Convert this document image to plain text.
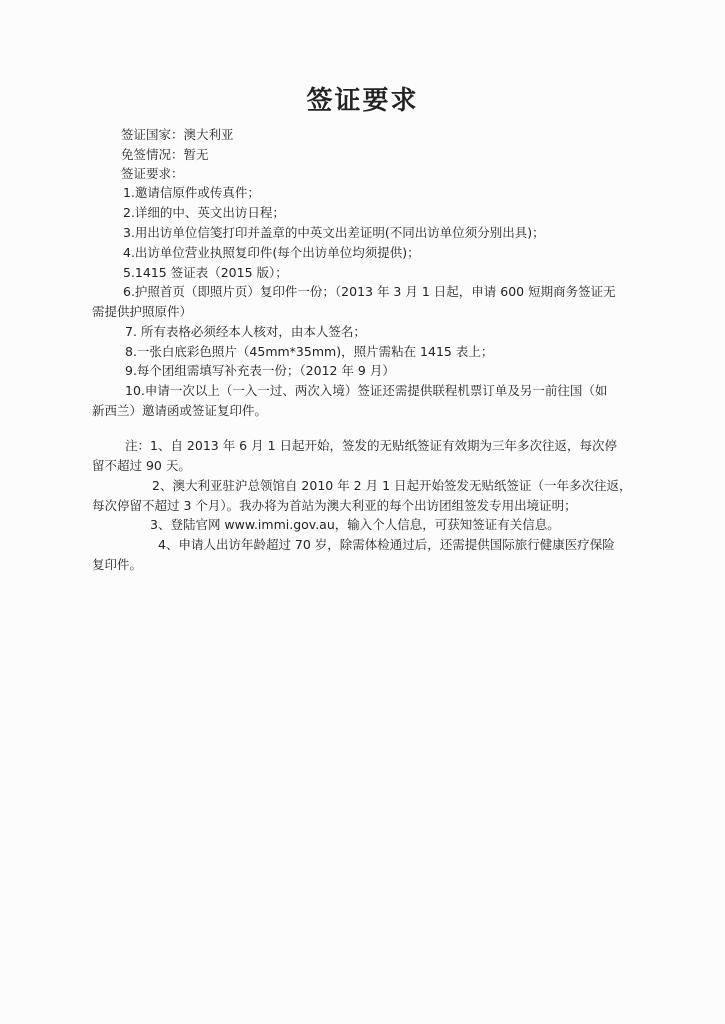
签证要求
签证国家：澳大利亚
免签情况：暂无
签证要求：
1.邀请信原件或传真件；
2.详细的中、英文出访日程；
3.用出访单位信笺打印并盖章的中英文出差证明(不同出访单位须分别出具)；
4.出访单位营业执照复印件(每个出访单位均须提供)；
5.1415 签证表（2015 版）；
6.护照首页（即照片页）复印件一份；（2013 年 3 月 1 日起，申请 600 短期商务签证无
需提供护照原件）
7. 所有表格必须经本人核对，由本人签名；
8.一张白底彩色照片（45mm*35mm)，照片需粘在 1415 表上；
9.每个团组需填写补充表一份；（2012 年 9 月）
10.申请一次以上（一入一过、两次入境）签证还需提供联程机票订单及另一前往国（如
新西兰）邀请函或签证复印件。
注：1、自 2013 年 6 月 1 日起开始，签发的无贴纸签证有效期为三年多次往返，每次停
留不超过 90 天。
2、澳大利亚驻沪总领馆自 2010 年 2 月 1 日起开始签发无贴纸签证（一年多次往返，
每次停留不超过 3 个月）。我办将为首站为澳大利亚的每个出访团组签发专用出境证明；
3、登陆官网 www.immi.gov.au，输入个人信息，可获知签证有关信息。
4、申请人出访年龄超过 70 岁，除需体检通过后，还需提供国际旅行健康医疗保险
复印件。
